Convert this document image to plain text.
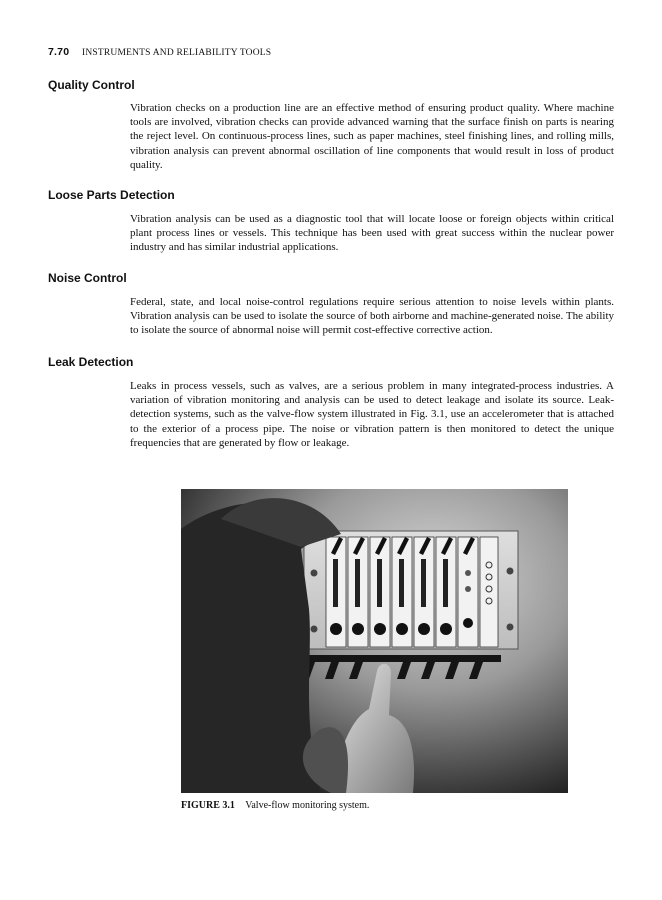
7.70 INSTRUMENTS AND RELIABILITY TOOLS
Quality Control

Vibration checks on a production line are an effective method of ensuring product quality. Where machine tools are involved, vibration checks can provide advanced warning that the surface finish on parts is nearing the reject level. On continuous-process lines, such as paper machines, steel finishing lines, and rolling mills, vibration analysis can prevent abnormal oscillation of line components that would result in loss of product quality.

Loose Parts Detection

Vibration analysis can be used as a diagnostic tool that will locate loose or foreign objects within critical plant process lines or vessels. This technique has been used with great success within the nuclear power industry and has similar industrial applications.

Noise Control

Federal, state, and local noise-control regulations require serious attention to noise levels within plants. Vibration analysis can be used to isolate the source of both airborne and machine-generated noise. The ability to isolate the source of abnormal noise will permit cost-effective corrective action.

Leak Detection

Leaks in process vessels, such as valves, are a serious problem in many integrated-process industries. A variation of vibration monitoring and analysis can be used to detect leakage and isolate its source. Leak-detection systems, such as the valve-flow system illustrated in Fig. 3.1, use an accelerometer that is attached to the exterior of a process pipe. The noise or vibration pattern is then monitored to detect the unique frequencies that are generated by flow or leakage.

FIGURE 3.1 Valve-flow monitoring system.
